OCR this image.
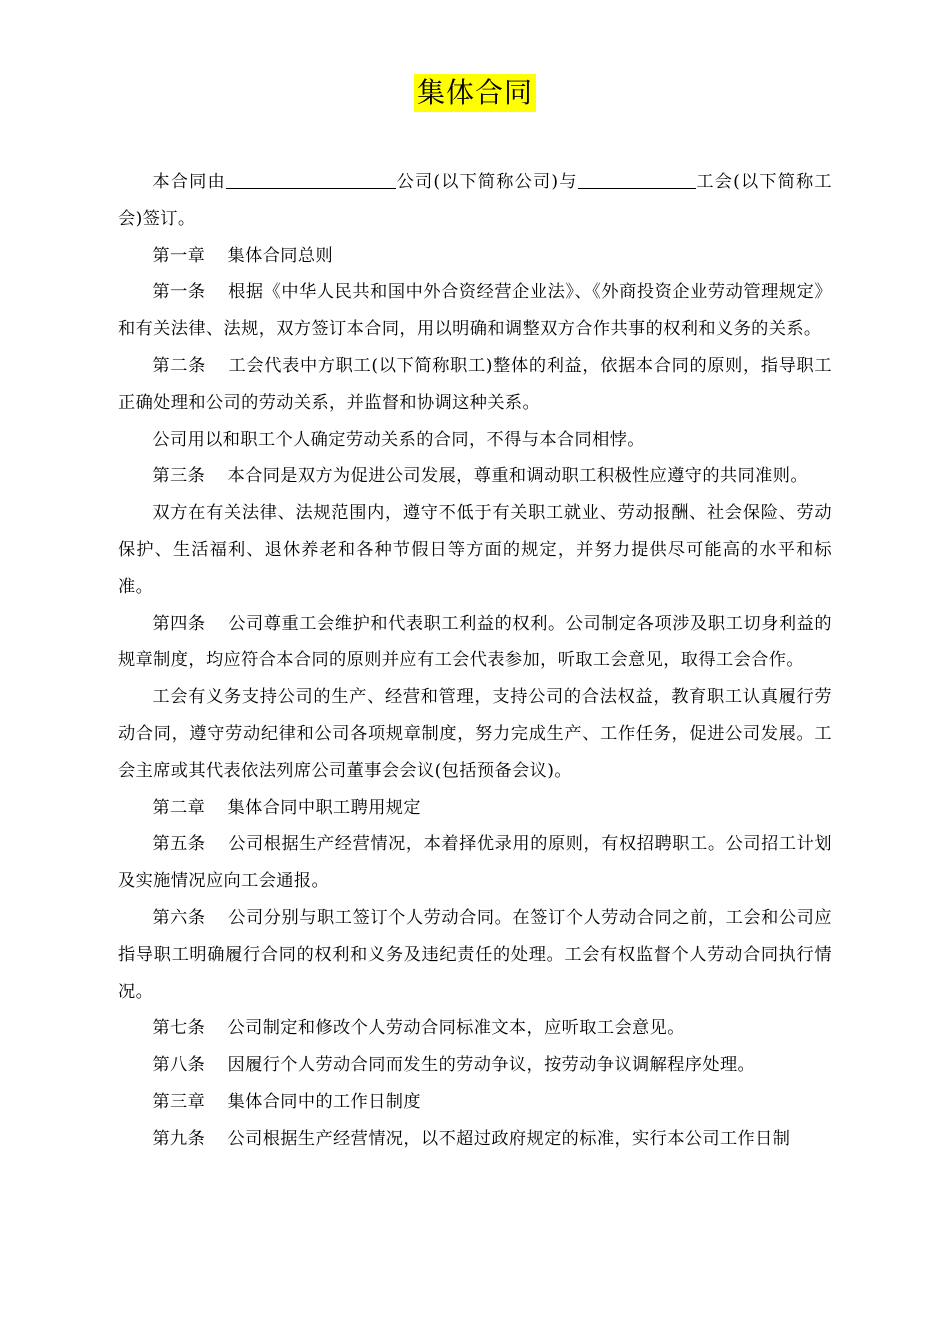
集体合同

本合同由	公司(以下简称公司)与	工会(以下简称工会)签订。

第一章 集体合同总则

第一条 根据《中华人民共和国中外合资经营企业法》、《外商投资企业劳动管理规定》和有关法律、法规，双方签订本合同，用以明确和调整双方合作共事的权利和义务的关系。

第二条 工会代表中方职工(以下简称职工)整体的利益，依据本合同的原则，指导职工正确处理和公司的劳动关系，并监督和协调这种关系。

公司用以和职工个人确定劳动关系的合同，不得与本合同相悖。

第三条 本合同是双方为促进公司发展，尊重和调动职工积极性应遵守的共同准则。

双方在有关法律、法规范围内，遵守不低于有关职工就业、劳动报酬、社会保险、劳动保护、生活福利、退休养老和各种节假日等方面的规定，并努力提供尽可能高的水平和标准。

第四条 公司尊重工会维护和代表职工利益的权利。公司制定各项涉及职工切身利益的规章制度，均应符合本合同的原则并应有工会代表参加，听取工会意见，取得工会合作。

工会有义务支持公司的生产、经营和管理，支持公司的合法权益，教育职工认真履行劳动合同，遵守劳动纪律和公司各项规章制度，努力完成生产、工作任务，促进公司发展。工会主席或其代表依法列席公司董事会会议(包括预备会议)。

第二章 集体合同中职工聘用规定

第五条 公司根据生产经营情况，本着择优录用的原则，有权招聘职工。公司招工计划及实施情况应向工会通报。

第六条 公司分别与职工签订个人劳动合同。在签订个人劳动合同之前，工会和公司应指导职工明确履行合同的权利和义务及违纪责任的处理。工会有权监督个人劳动合同执行情况。

第七条 公司制定和修改个人劳动合同标准文本，应听取工会意见。

第八条 因履行个人劳动合同而发生的劳动争议，按劳动争议调解程序处理。

第三章 集体合同中的工作日制度

第九条 公司根据生产经营情况，以不超过政府规定的标准，实行本公司工作日制
